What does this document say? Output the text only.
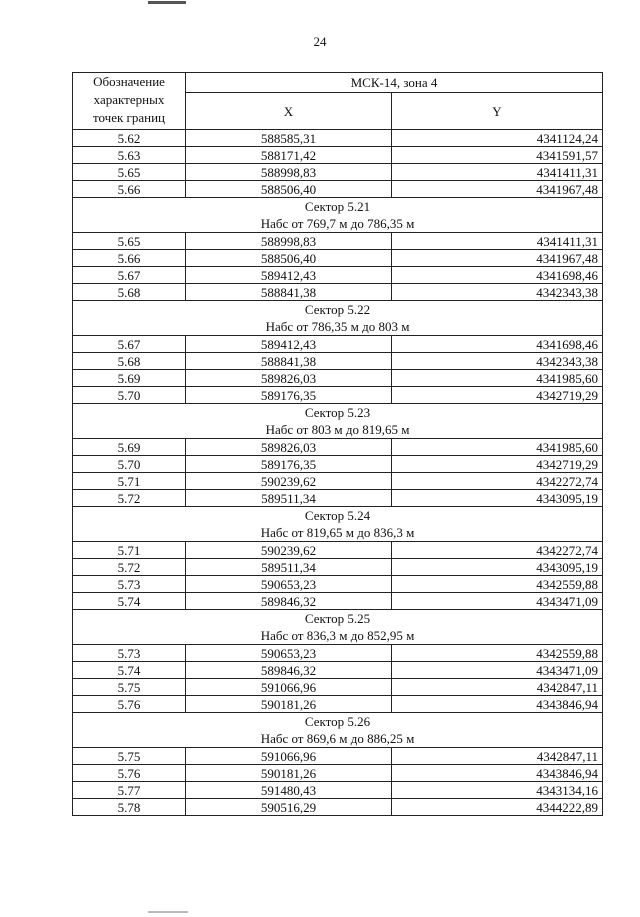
24
Обозначение характерных точек границ	МСК-14, зона 4	
	X	Y
5.62	588585,31	4341124,24
5.63	588171,42	4341591,57
5.65	588998,83	4341411,31
5.66	588506,40	4341967,48

Сектор 5.21
Набс от 769,7 м до 786,35 м		

5.65	588998,83	4341411,31
5.66	588506,40	4341967,48
5.67	589412,43	4341698,46
5.68	588841,38	4342343,38

Сектор 5.22
Набс от 786,35 м до 803 м		

5.67	589412,43	4341698,46
5.68	588841,38	4342343,38
5.69	589826,03	4341985,60
5.70	589176,35	4342719,29

Сектор 5.23
Набс от 803 м до 819,65 м		

5.69	589826,03	4341985,60
5.70	589176,35	4342719,29
5.71	590239,62	4342272,74
5.72	589511,34	4343095,19

Сектор 5.24
Набс от 819,65 м до 836,3 м		

5.71	590239,62	4342272,74
5.72	589511,34	4343095,19
5.73	590653,23	4342559,88
5.74	589846,32	4343471,09

Сектор 5.25
Набс от 836,3 м до 852,95 м		

5.73	590653,23	4342559,88
5.74	589846,32	4343471,09
5.75	591066,96	4342847,11
5.76	590181,26	4343846,94

Сектор 5.26
Набс от 869,6 м до 886,25 м		

5.75	591066,96	4342847,11
5.76	590181,26	4343846,94
5.77	591480,43	4343134,16
5.78	590516,29	4344222,89
